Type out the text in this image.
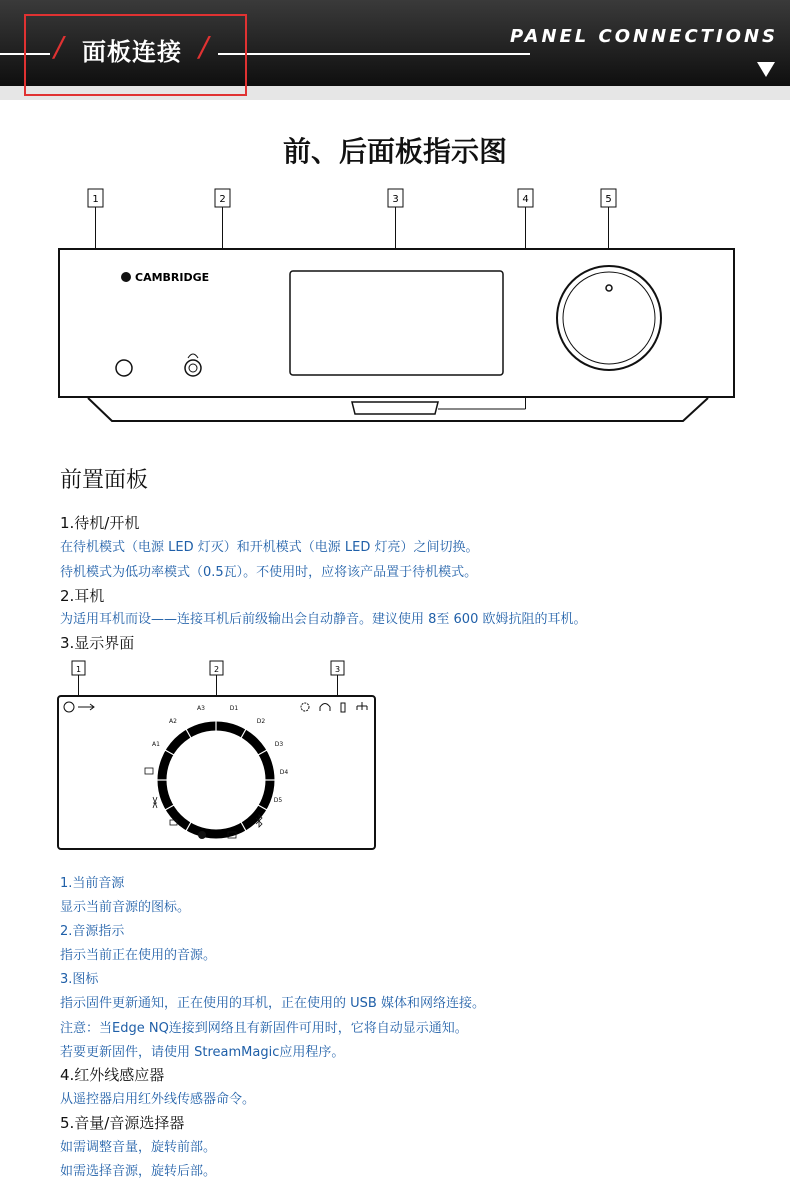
/ 面板连接 /	PANEL CONNECTIONS
前、后面板指示图
1	2	3	4	5
CAMBRIDGE
前置面板
1.待机/开机
在待机模式（电源 LED 灯灭）和开机模式（电源 LED 灯亮）之间切换。
待机模式为低功率模式（0.5瓦）。不使用时，应将该产品置于待机模式。
2.耳机
为适用耳机而设——连接耳机后前级输出会自动静音。建议使用 8至 600 欧姆抗阻的耳机。
3.显示界面
1	2	3
A3	D1
D2
D3
D4
D5
A2
A1
1.当前音源
显示当前音源的图标。
2.音源指示
指示当前正在使用的音源。
3.图标
指示固件更新通知，正在使用的耳机，正在使用的 USB 媒体和网络连接。
注意：当Edge NQ连接到网络且有新固件可用时，它将自动显示通知。
若要更新固件，请使用 StreamMagic应用程序。
4.红外线感应器
从遥控器启用红外线传感器命令。
5.音量/音源选择器
如需调整音量，旋转前部。
如需选择音源，旋转后部。
